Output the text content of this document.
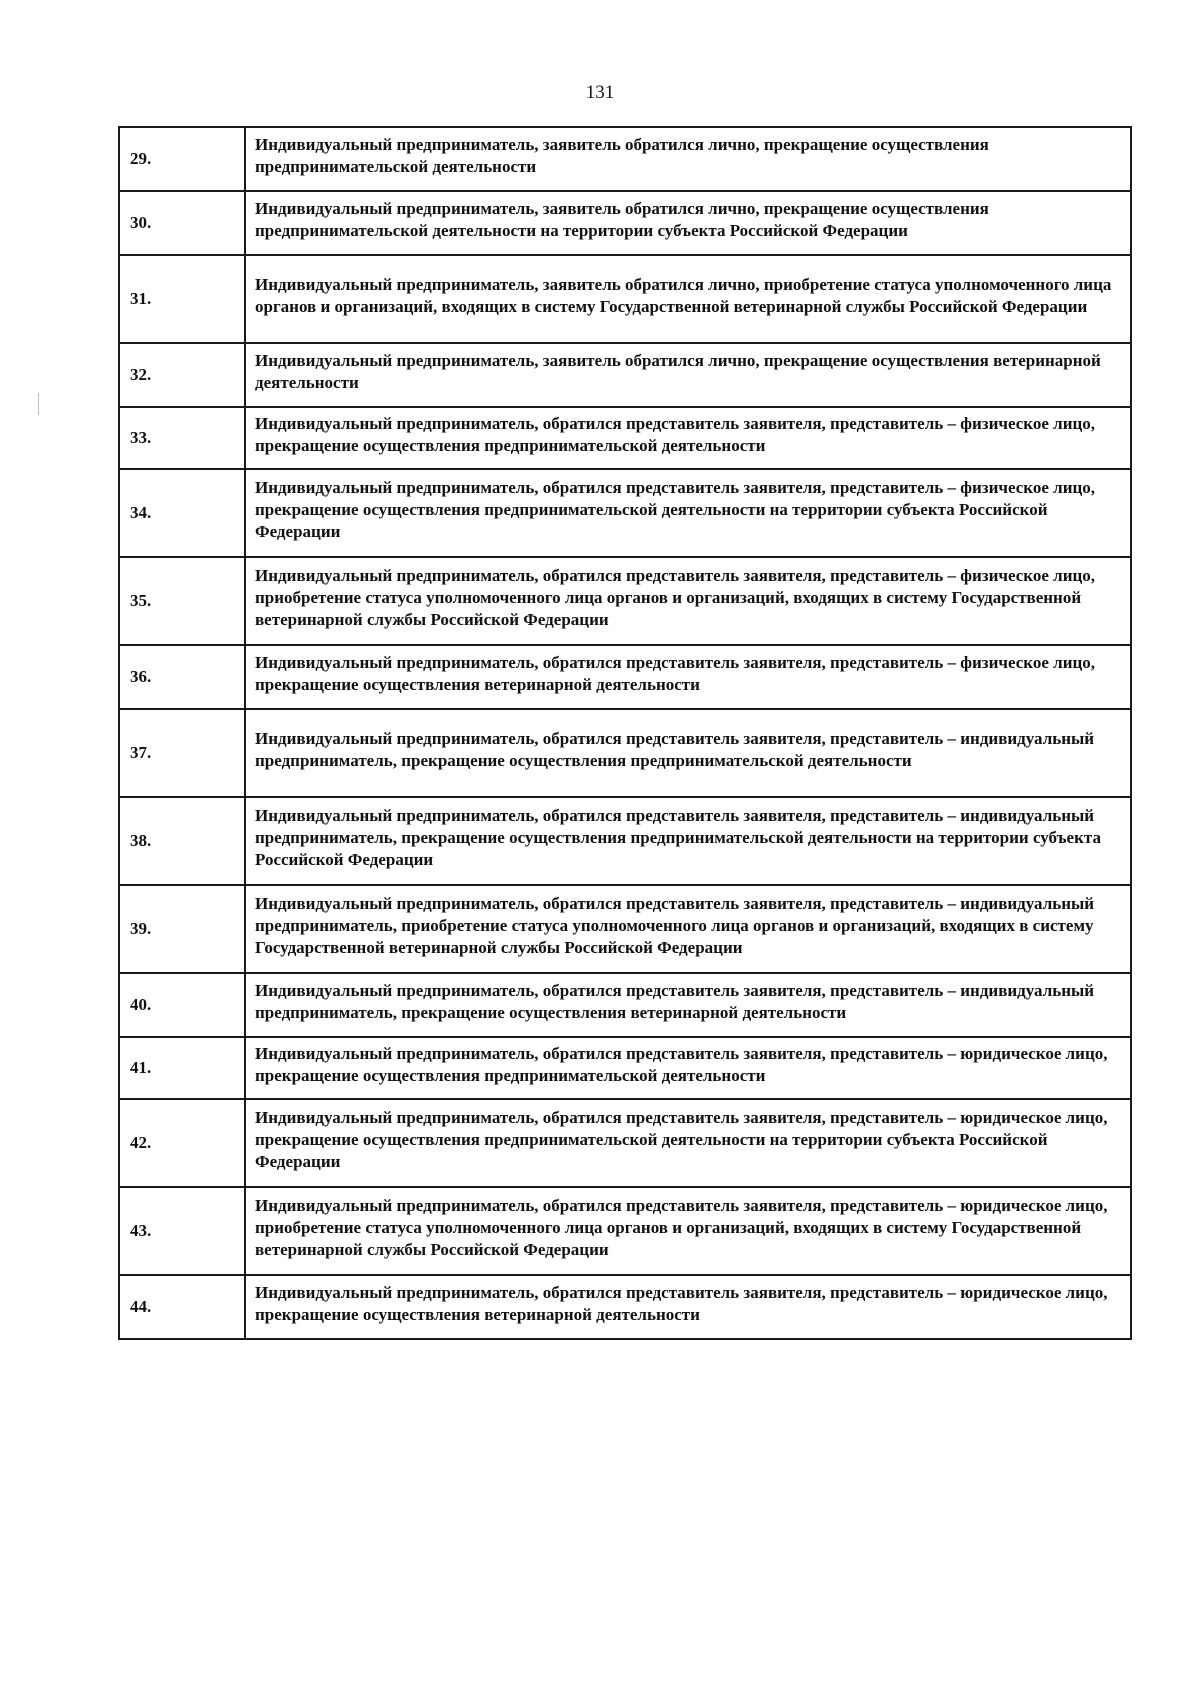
131
29.	Индивидуальный предприниматель, заявитель обратился лично, прекращение осуществления предпринимательской деятельности
30.	Индивидуальный предприниматель, заявитель обратился лично, прекращение осуществления предпринимательской деятельности на территории субъекта Российской Федерации
31.	Индивидуальный предприниматель, заявитель обратился лично, приобретение статуса уполномоченного лица органов и организаций, входящих в систему Государственной ветеринарной службы Российской Федерации
32.	Индивидуальный предприниматель, заявитель обратился лично, прекращение осуществления ветеринарной деятельности
33.	Индивидуальный предприниматель, обратился представитель заявителя, представитель – физическое лицо, прекращение осуществления предпринимательской деятельности
34.	Индивидуальный предприниматель, обратился представитель заявителя, представитель – физическое лицо, прекращение осуществления предпринимательской деятельности на территории субъекта Российской Федерации
35.	Индивидуальный предприниматель, обратился представитель заявителя, представитель – физическое лицо, приобретение статуса уполномоченного лица органов и организаций, входящих в систему Государственной ветеринарной службы Российской Федерации
36.	Индивидуальный предприниматель, обратился представитель заявителя, представитель – физическое лицо, прекращение осуществления ветеринарной деятельности
37.	Индивидуальный предприниматель, обратился представитель заявителя, представитель – индивидуальный предприниматель, прекращение осуществления предпринимательской деятельности
38.	Индивидуальный предприниматель, обратился представитель заявителя, представитель – индивидуальный предприниматель, прекращение осуществления предпринимательской деятельности на территории субъекта Российской Федерации
39.	Индивидуальный предприниматель, обратился представитель заявителя, представитель – индивидуальный предприниматель, приобретение статуса уполномоченного лица органов и организаций, входящих в систему Государственной ветеринарной службы Российской Федерации
40.	Индивидуальный предприниматель, обратился представитель заявителя, представитель – индивидуальный предприниматель, прекращение осуществления ветеринарной деятельности
41.	Индивидуальный предприниматель, обратился представитель заявителя, представитель – юридическое лицо, прекращение осуществления предпринимательской деятельности
42.	Индивидуальный предприниматель, обратился представитель заявителя, представитель – юридическое лицо, прекращение осуществления предпринимательской деятельности на территории субъекта Российской Федерации
43.	Индивидуальный предприниматель, обратился представитель заявителя, представитель – юридическое лицо, приобретение статуса уполномоченного лица органов и организаций, входящих в систему Государственной ветеринарной службы Российской Федерации
44.	Индивидуальный предприниматель, обратился представитель заявителя, представитель – юридическое лицо, прекращение осуществления ветеринарной деятельности
